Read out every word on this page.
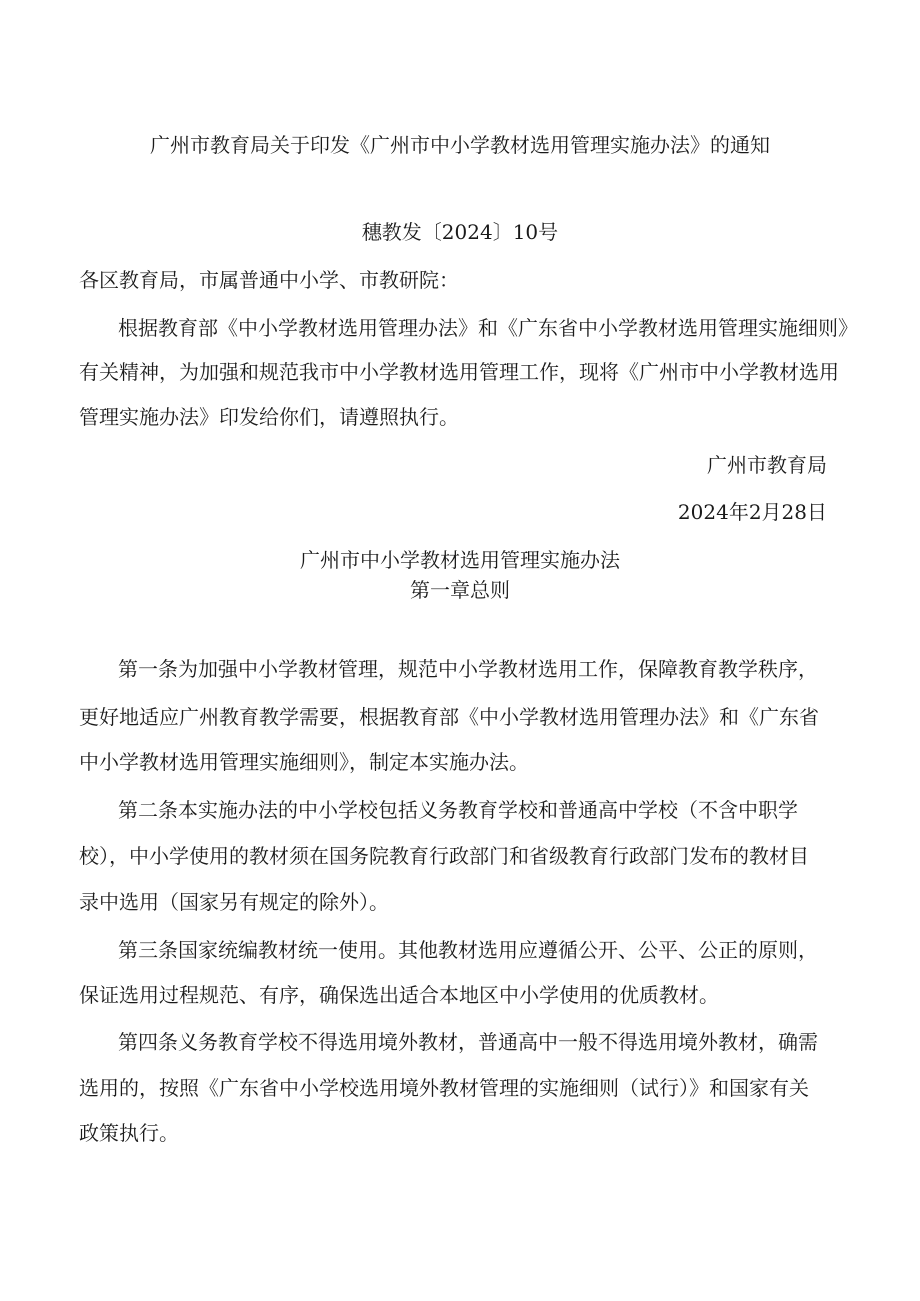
广州市教育局关于印发《广州市中小学教材选用管理实施办法》的通知
穗教发〔2024〕10号
各区教育局，市属普通中小学、市教研院：
根据教育部《中小学教材选用管理办法》和《广东省中小学教材选用管理实施细则》
有关精神，为加强和规范我市中小学教材选用管理工作，现将《广州市中小学教材选用
管理实施办法》印发给你们，请遵照执行。
广州市教育局
2024年2月28日
广州市中小学教材选用管理实施办法
第一章总则
第一条为加强中小学教材管理，规范中小学教材选用工作，保障教育教学秩序，
更好地适应广州教育教学需要，根据教育部《中小学教材选用管理办法》和《广东省
中小学教材选用管理实施细则》，制定本实施办法。
第二条本实施办法的中小学校包括义务教育学校和普通高中学校（不含中职学
校），中小学使用的教材须在国务院教育行政部门和省级教育行政部门发布的教材目
录中选用（国家另有规定的除外）。
第三条国家统编教材统一使用。其他教材选用应遵循公开、公平、公正的原则，
保证选用过程规范、有序，确保选出适合本地区中小学使用的优质教材。
第四条义务教育学校不得选用境外教材，普通高中一般不得选用境外教材，确需
选用的，按照《广东省中小学校选用境外教材管理的实施细则（试行）》和国家有关
政策执行。
